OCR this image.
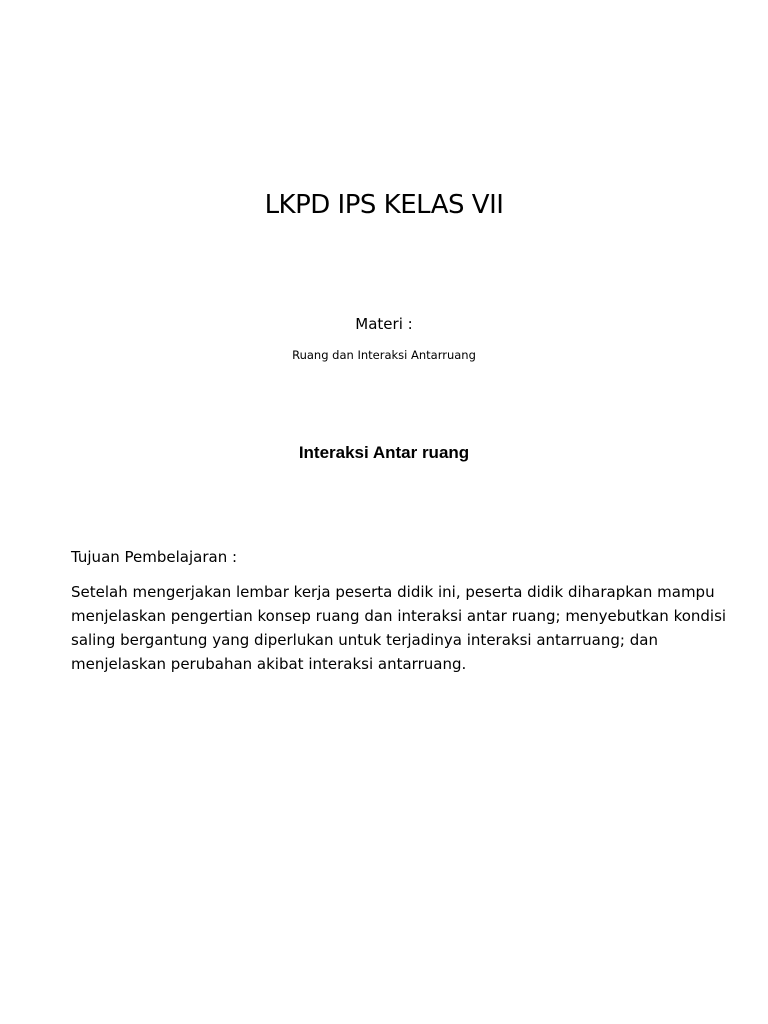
LKPD IPS KELAS VII
Materi :
Ruang dan Interaksi Antarruang
Interaksi Antar ruang
Tujuan Pembelajaran :

Setelah mengerjakan lembar kerja peserta didik ini, peserta didik diharapkan mampu
menjelaskan pengertian konsep ruang dan interaksi antar ruang; menyebutkan kondisi
saling bergantung yang diperlukan untuk terjadinya interaksi antarruang; dan
menjelaskan perubahan akibat interaksi antarruang.
